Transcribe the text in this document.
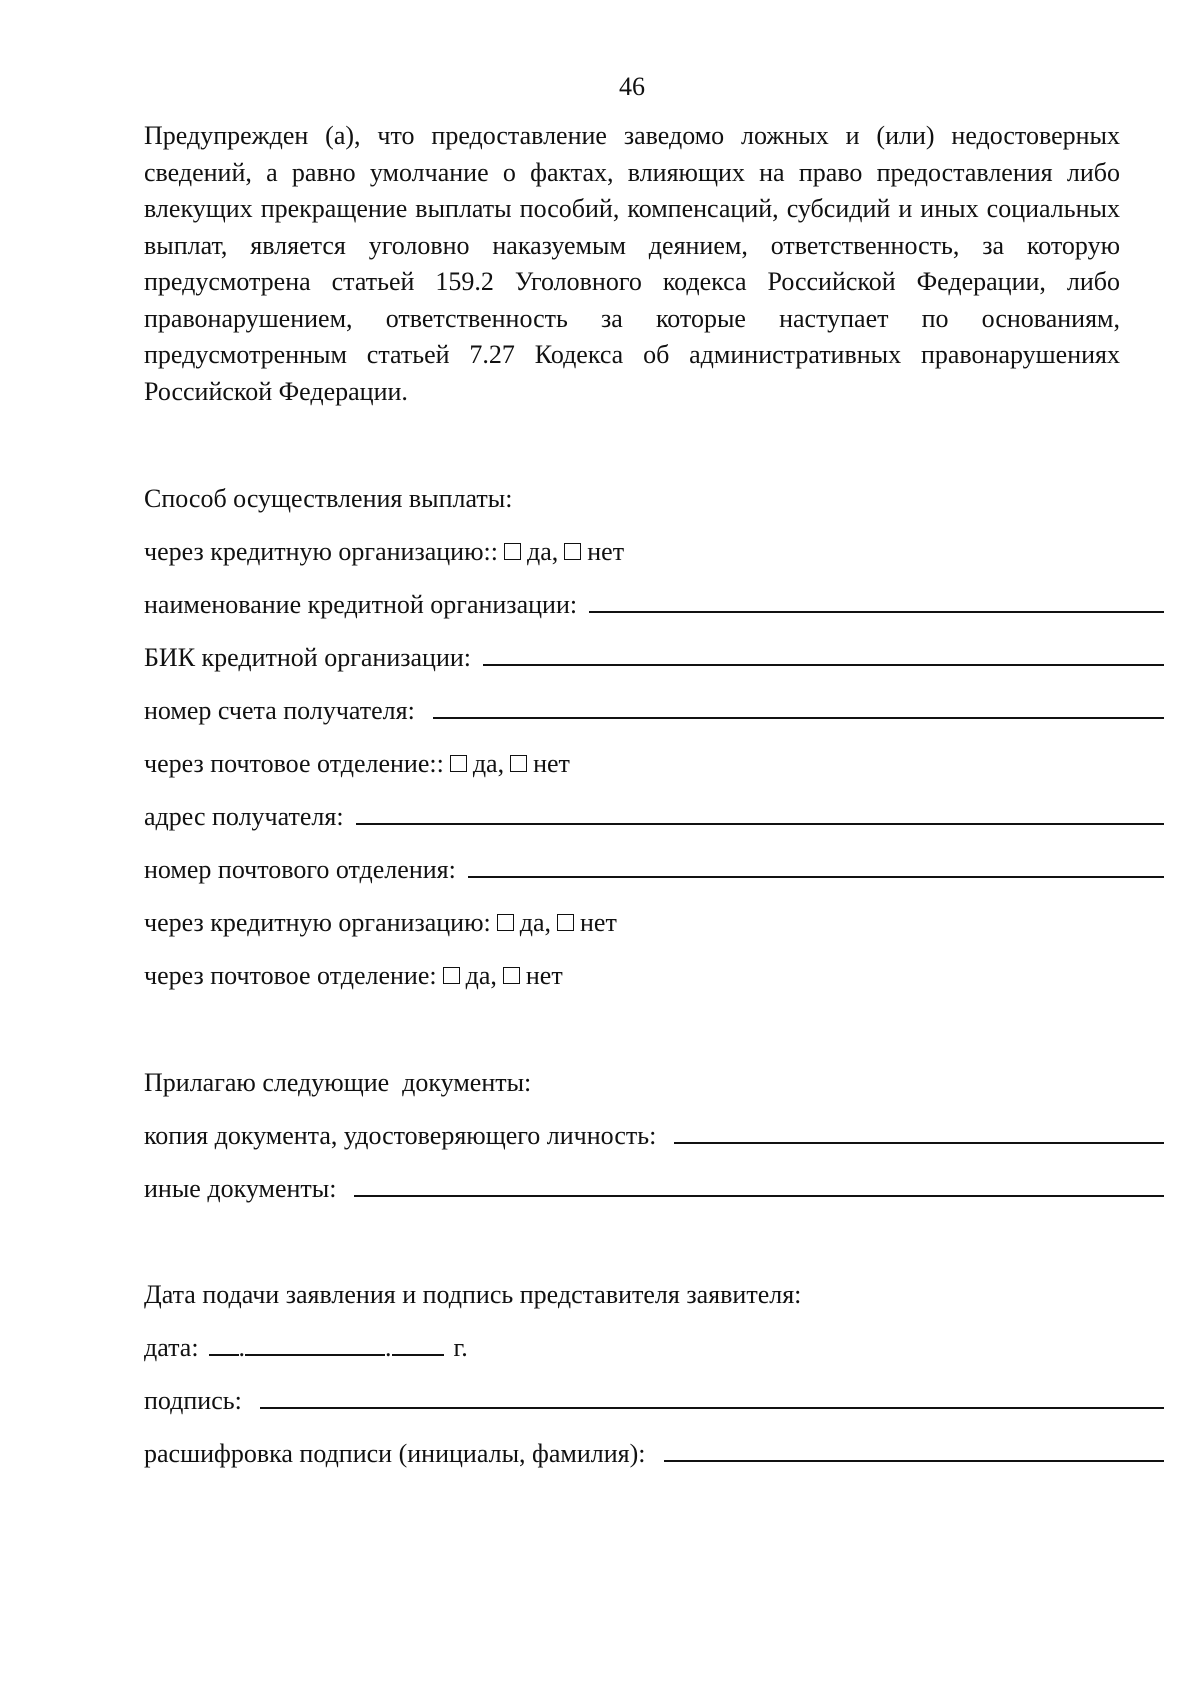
46

Предупрежден (а), что предоставление заведомо ложных и (или) недостоверных сведений, а равно умолчание о фактах, влияющих на право предоставления либо влекущих прекращение выплаты пособий, компенсаций, субсидий и иных социальных выплат, является уголовно наказуемым деянием, ответственность, за которую предусмотрена статьей 159.2 Уголовного кодекса Российской Федерации, либо правонарушением, ответственность за которые наступает по основаниям, предусмотренным статьей 7.27 Кодекса об административных правонарушениях Российской Федерации.

Способ осуществления выплаты:
через кредитную организацию:: да, нет
наименование кредитной организации:
БИК кредитной организации:
номер счета получателя:
через почтовое отделение:: да, нет
адрес получателя:
номер почтового отделения:
через кредитную организацию: да, нет
через почтовое отделение: да, нет
Прилагаю следующие  документы:
копия документа, удостоверяющего личность:
иные документы:
Дата подачи заявления и подпись представителя заявителя:
дата: .	. г.
подпись:
расшифровка подписи (инициалы, фамилия):
